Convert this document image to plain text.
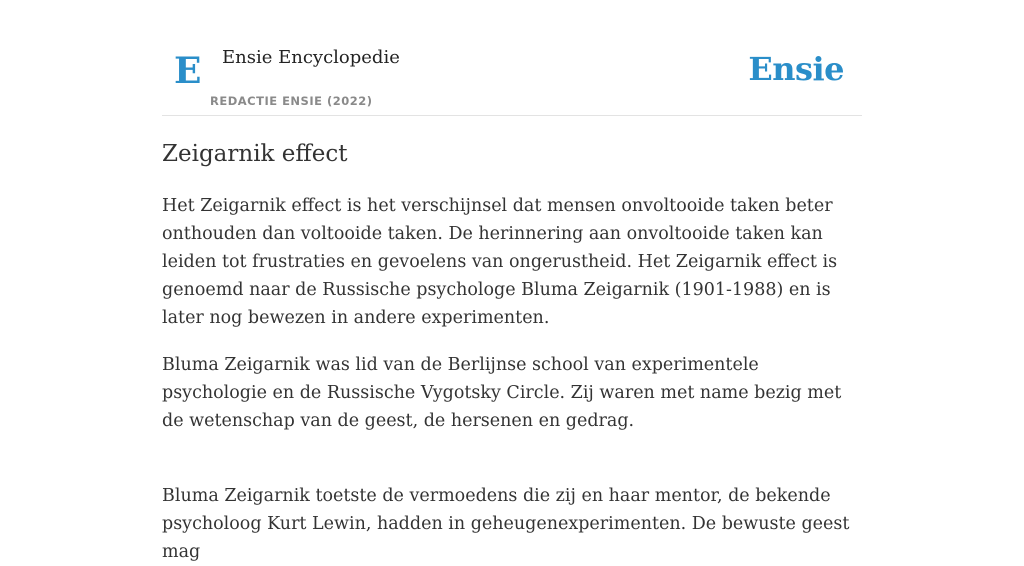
E Ensie Encyclopedie
REDACTIE ENSIE (2022)
Ensie
Zeigarnik effect

Het Zeigarnik effect is het verschijnsel dat mensen onvoltooide taken beter onthouden dan voltooide taken. De herinnering aan onvoltooide taken kan leiden tot frustraties en gevoelens van ongerustheid. Het Zeigarnik effect is genoemd naar de Russische psychologe Bluma Zeigarnik (1901-1988) en is later nog bewezen in andere experimenten.

Bluma Zeigarnik was lid van de Berlijnse school van experimentele psychologie en de Russische Vygotsky Circle. Zij waren met name bezig met de wetenschap van de geest, de hersenen en gedrag.

Bluma Zeigarnik toetste de vermoedens die zij en haar mentor, de bekende psycholoog Kurt Lewin, hadden in geheugenexperimenten. De bewuste geest mag
